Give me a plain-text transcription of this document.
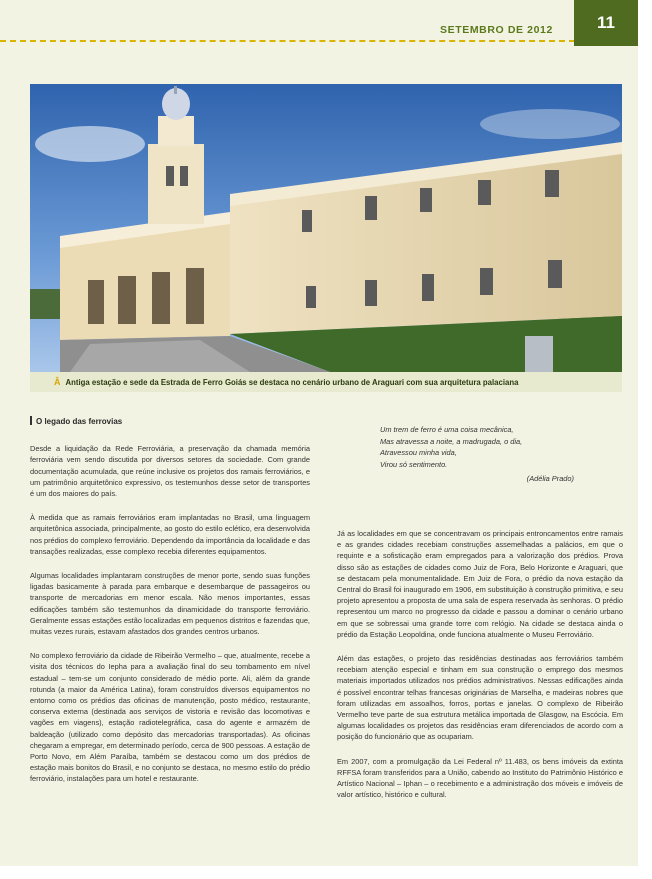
SETEMBRO DE 2012	11
Â Antiga estação e sede da Estrada de Ferro Goiás se destaca no cenário urbano de Araguari com sua arquitetura palaciana
O legado das ferrovias

Desde a liquidação da Rede Ferroviária, a preservação da chamada memória ferroviária vem sendo discutida por diversos setores da sociedade. Com grande documentação acumulada, que reúne inclusive os projetos dos ramais ferroviários, e um patrimônio arquitetônico expressivo, os testemunhos desse setor de transportes é um dos maiores do país.

À medida que as ramais ferroviários eram implantadas no Brasil, uma linguagem arquitetônica associada, principalmente, ao gosto do estilo eclético, era desenvolvida nos prédios do complexo ferroviário. Dependendo da importância da localidade e das transações realizadas, esse complexo recebia diferentes equipamentos.

Algumas localidades implantaram construções de menor porte, sendo suas funções ligadas basicamente à parada para embarque e desembarque de passageiros ou transporte de mercadorias em menor escala. Não menos importantes, essas edificações também são testemunhos da dinamicidade do transporte ferroviário. Geralmente essas estações estão localizadas em pequenos distritos e fazendas que, muitas vezes rurais, estavam afastados dos grandes centros urbanos.

No complexo ferroviário da cidade de Ribeirão Vermelho – que, atualmente, recebe a visita dos técnicos do Iepha para a avaliação final do seu tombamento em nível estadual – tem-se um conjunto considerado de médio porte. Ali, além da grande rotunda (a maior da América Latina), foram construídos diversos equipamentos no entorno como os prédios das oficinas de manutenção, posto médico, restaurante, conserva externa (destinada aos serviços de vistoria e revisão das locomotivas e vagões em viagens), estação radiotelegráfica, casa do agente e armazém de baldeação (utilizado como depósito das mercadorias transportadas). As oficinas chegaram a empregar, em determinado período, cerca de 900 pessoas. A estação de Porto Novo, em Além Paraíba, também se destacou como um dos prédios de estação mais bonitos do Brasil, e no conjunto se destaca, no mesmo estilo do prédio ferroviário, instalações para um hotel e restaurante.

Um trem de ferro é uma coisa mecânica,
Mas atravessa a noite, a madrugada, o dia,
Atravessou minha vida,
Virou só sentimento.
(Adélia Prado)

Já as localidades em que se concentravam os principais entroncamentos entre ramais e as grandes cidades recebiam construções assemelhadas a palácios, em que o requinte e a sofisticação eram empregados para a valorização dos prédios. Prova disso são as estações de cidades como Juiz de Fora, Belo Horizonte e Araguari, que se destacam pela monumentalidade. Em Juiz de Fora, o prédio da nova estação da Central do Brasil foi inaugurado em 1906, em substituição à construção primitiva, e seu projeto apresentou a proposta de uma sala de espera reservada às senhoras. O prédio representou um marco no progresso da cidade e passou a dominar o cenário urbano em que se sobressai uma grande torre com relógio. Na cidade se destaca ainda o prédio da Estação Leopoldina, onde funciona atualmente o Museu Ferroviário.

Além das estações, o projeto das residências destinadas aos ferroviários também recebiam atenção especial e tinham em sua construção o emprego dos mesmos materiais importados utilizados nos prédios administrativos. Nessas edificações ainda é possível encontrar telhas francesas originárias de Marselha, e madeiras nobres que foram utilizadas em assoalhos, forros, portas e janelas. O complexo de Ribeirão Vermelho teve parte de sua estrutura metálica importada de Glasgow, na Escócia. Em algumas localidades os projetos das residências eram diferenciados de acordo com a posição do funcionário que as ocupariam.

Em 2007, com a promulgação da Lei Federal nº 11.483, os bens imóveis da extinta RFFSA foram transferidos para a União, cabendo ao Instituto do Patrimônio Histórico e Artístico Nacional – Iphan – o recebimento e a administração dos móveis e imóveis de valor artístico, histórico e cultural.
